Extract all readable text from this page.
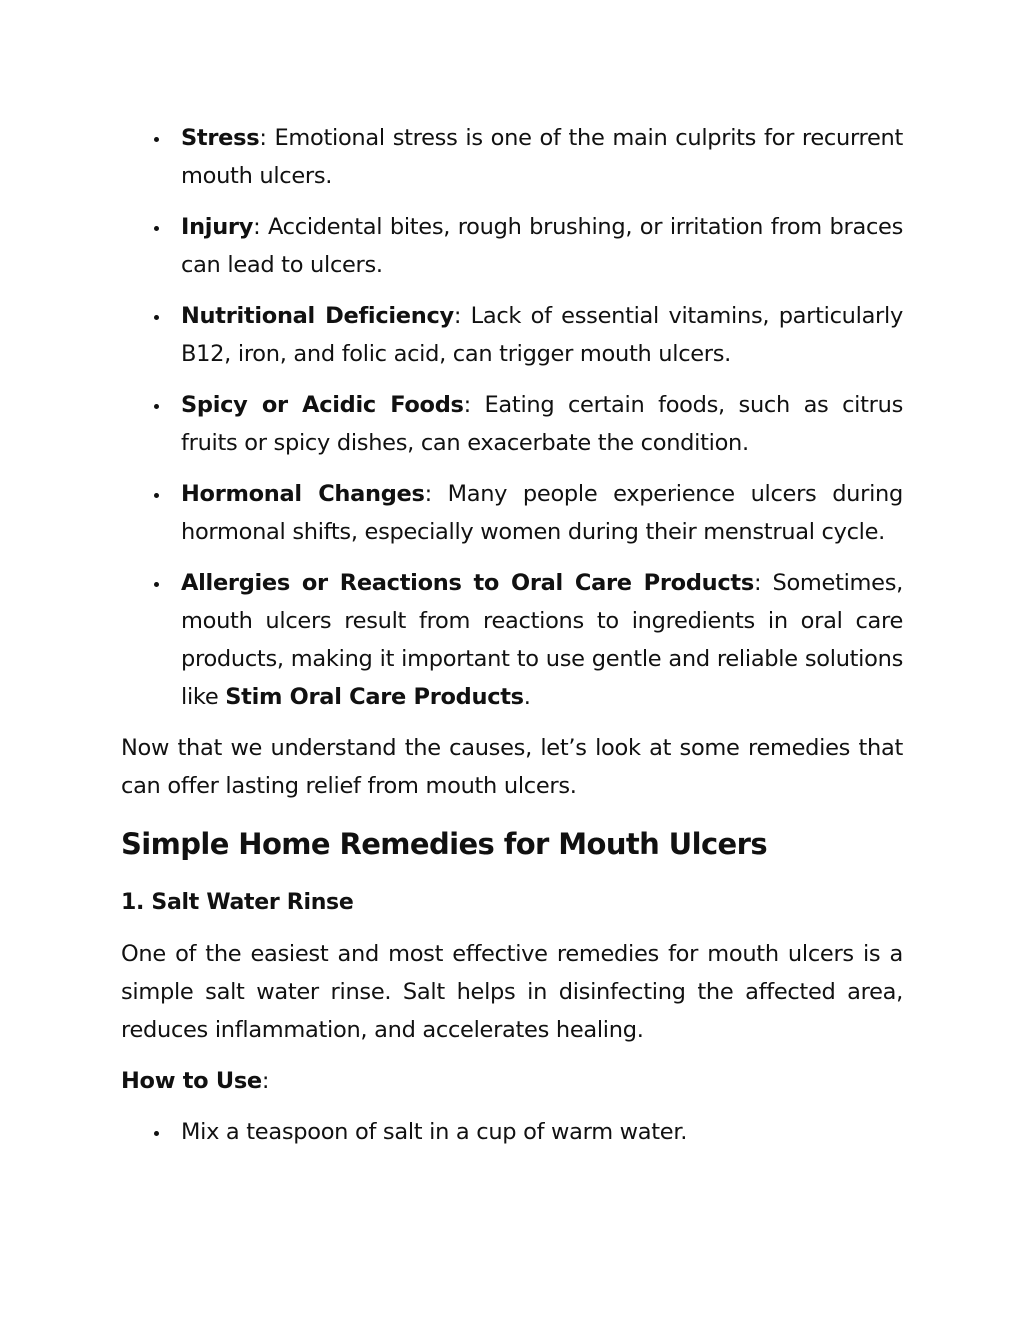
Stress: Emotional stress is one of the main culprits for recurrent mouth ulcers.
Injury: Accidental bites, rough brushing, or irritation from braces can lead to ulcers.
Nutritional Deficiency: Lack of essential vitamins, particularly B12, iron, and folic acid, can trigger mouth ulcers.
Spicy or Acidic Foods: Eating certain foods, such as citrus fruits or spicy dishes, can exacerbate the condition.
Hormonal Changes: Many people experience ulcers during hormonal shifts, especially women during their menstrual cycle.
Allergies or Reactions to Oral Care Products: Sometimes, mouth ulcers result from reactions to ingredients in oral care products, making it important to use gentle and reliable solutions like Stim Oral Care Products.

Now that we understand the causes, let’s look at some remedies that can offer lasting relief from mouth ulcers.

Simple Home Remedies for Mouth Ulcers
1. Salt Water Rinse

One of the easiest and most effective remedies for mouth ulcers is a simple salt water rinse. Salt helps in disinfecting the affected area, reduces inflammation, and accelerates healing.

How to Use:

Mix a teaspoon of salt in a cup of warm water.
